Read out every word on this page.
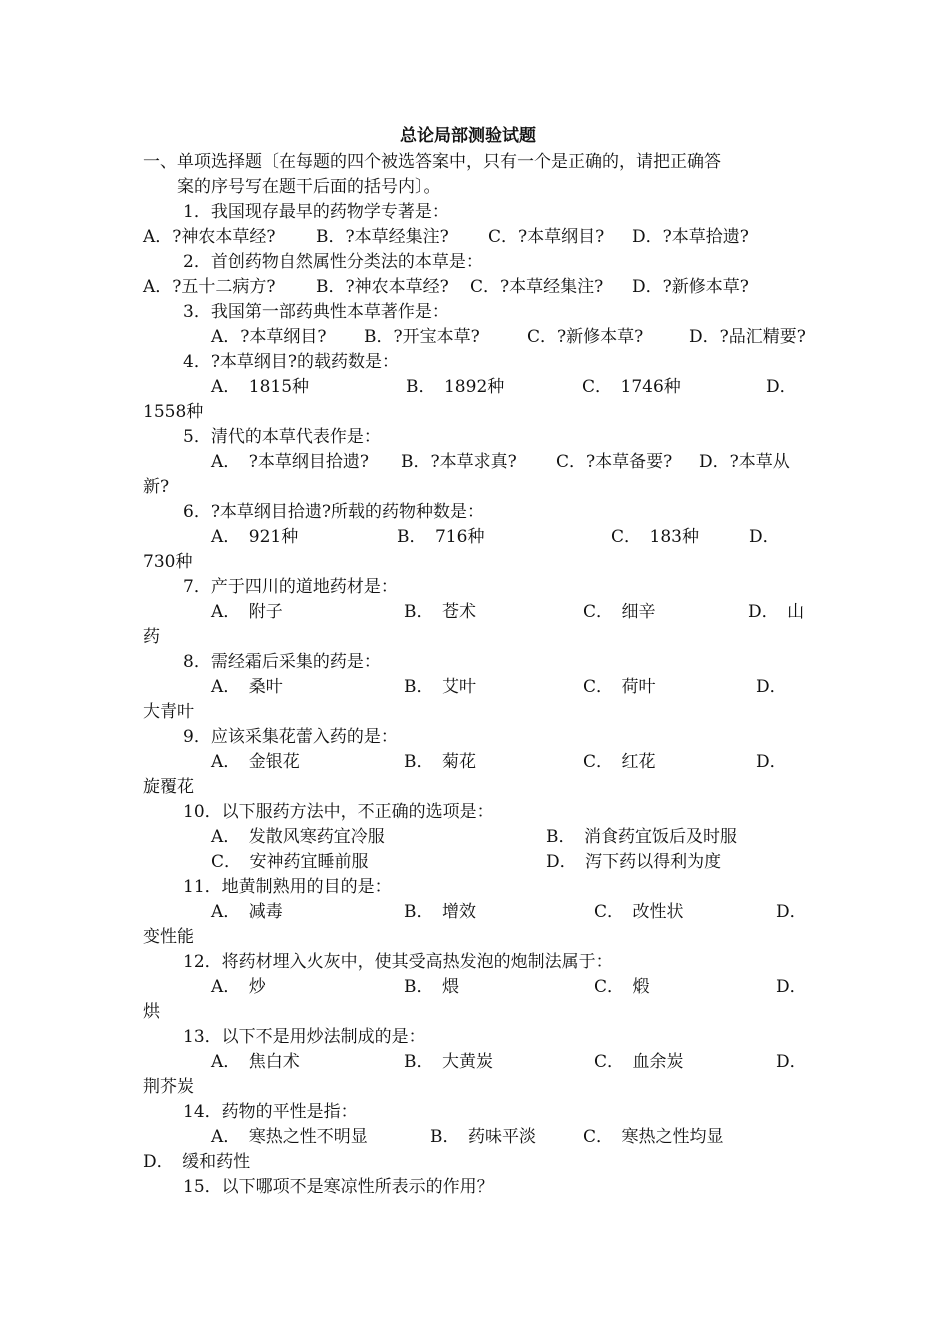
总论局部测验试题
一、单项选择题〔在每题的四个被选答案中，只有一个是正确的，请把正确答
案的序号写在题干后面的括号内〕。
1．我国现存最早的药物学专著是：
A．?神农本草经? B．?本草经集注? C．?本草纲目? D．?本草拾遗?
2．首创药物自然属性分类法的本草是：
A．?五十二病方? B．?神农本草经? C．?本草经集注? D．?新修本草?
3．我国第一部药典性本草著作是：
A．?本草纲目? B．?开宝本草?	C．?新修本草?	D．?品汇精要?
4．?本草纲目?的载药数是：
A．　1815种	B．　1892种	C．　1746种	D．
1558种
5．清代的本草代表作是：
A．　?本草纲目拾遗? B．?本草求真? C．?本草备要? D．?本草从
新?
6．?本草纲目拾遗?所载的药物种数是：
A．　921种	B．　716种	C．　183种	D．
730种
7．产于四川的道地药材是：
A．　附子	B．　苍术	C．　细辛	D．　山
药
8．需经霜后采集的药是：
A．　桑叶	B．　艾叶	C．　荷叶	D．
大青叶
9．应该采集花蕾入药的是：
A．　金银花	B．　菊花	C．　红花	D．
旋覆花
10．以下服药方法中，不正确的选项是：
A．　发散风寒药宜冷服	B．　消食药宜饭后及时服
C．　安神药宜睡前服	D．　泻下药以得利为度
11．地黄制熟用的目的是：
A．　减毒	B．　增效	C．　改性状	D．
变性能
12．将药材埋入火灰中，使其受高热发泡的炮制法属于：
A．　炒	B．　煨	C．　煅	D．
烘
13．以下不是用炒法制成的是：
A．　焦白术	B．　大黄炭	C．　血余炭	D．
荆芥炭
14．药物的平性是指：
A．　寒热之性不明显	B．　药味平淡	C．　寒热之性均显
D．　缓和药性
15．以下哪项不是寒凉性所表示的作用？
